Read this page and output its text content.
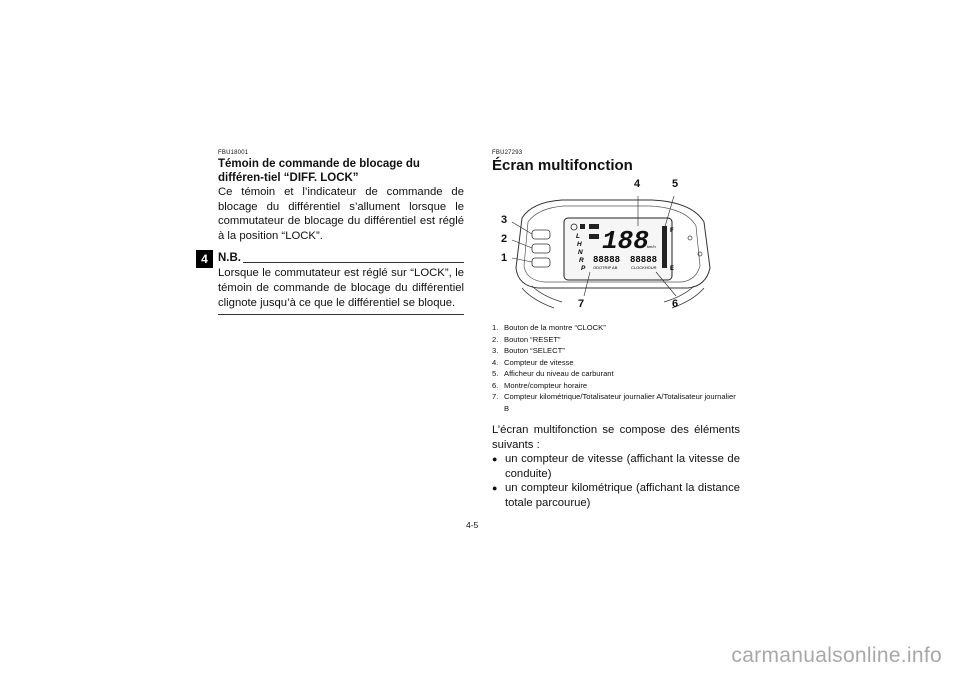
4

FBU18001

Témoin de commande de blocage du différen-tiel “DIFF. LOCK”

Ce témoin et l’indicateur de commande de blocage du différentiel s’allument lorsque le commutateur de blocage du différentiel est réglé à la position “LOCK”.

N.B.

Lorsque le commutateur est réglé sur “LOCK”, le témoin de commande de blocage du différentiel clignote jusqu’à ce que le différentiel se bloque.

FBU27293

Écran multifonction
L
H
N
R
P
188
km/h
88888 88888
ODOTRIP AB	CLOCKHOUR
F
E
4	5
3
2
1
7	6
1. Bouton de la montre “CLOCK”
2. Bouton “RESET”
3. Bouton “SELECT”
4. Compteur de vitesse
5. Afficheur du niveau de carburant
6. Montre/compteur horaire
7. Compteur kilométrique/Totalisateur journalier A/Totalisateur journalier B

L’écran multifonction se compose des éléments suivants :

● un compteur de vitesse (affichant la vitesse de conduite)
● un compteur kilométrique (affichant la distance totale parcourue)
4-5
carmanualsonline.info
